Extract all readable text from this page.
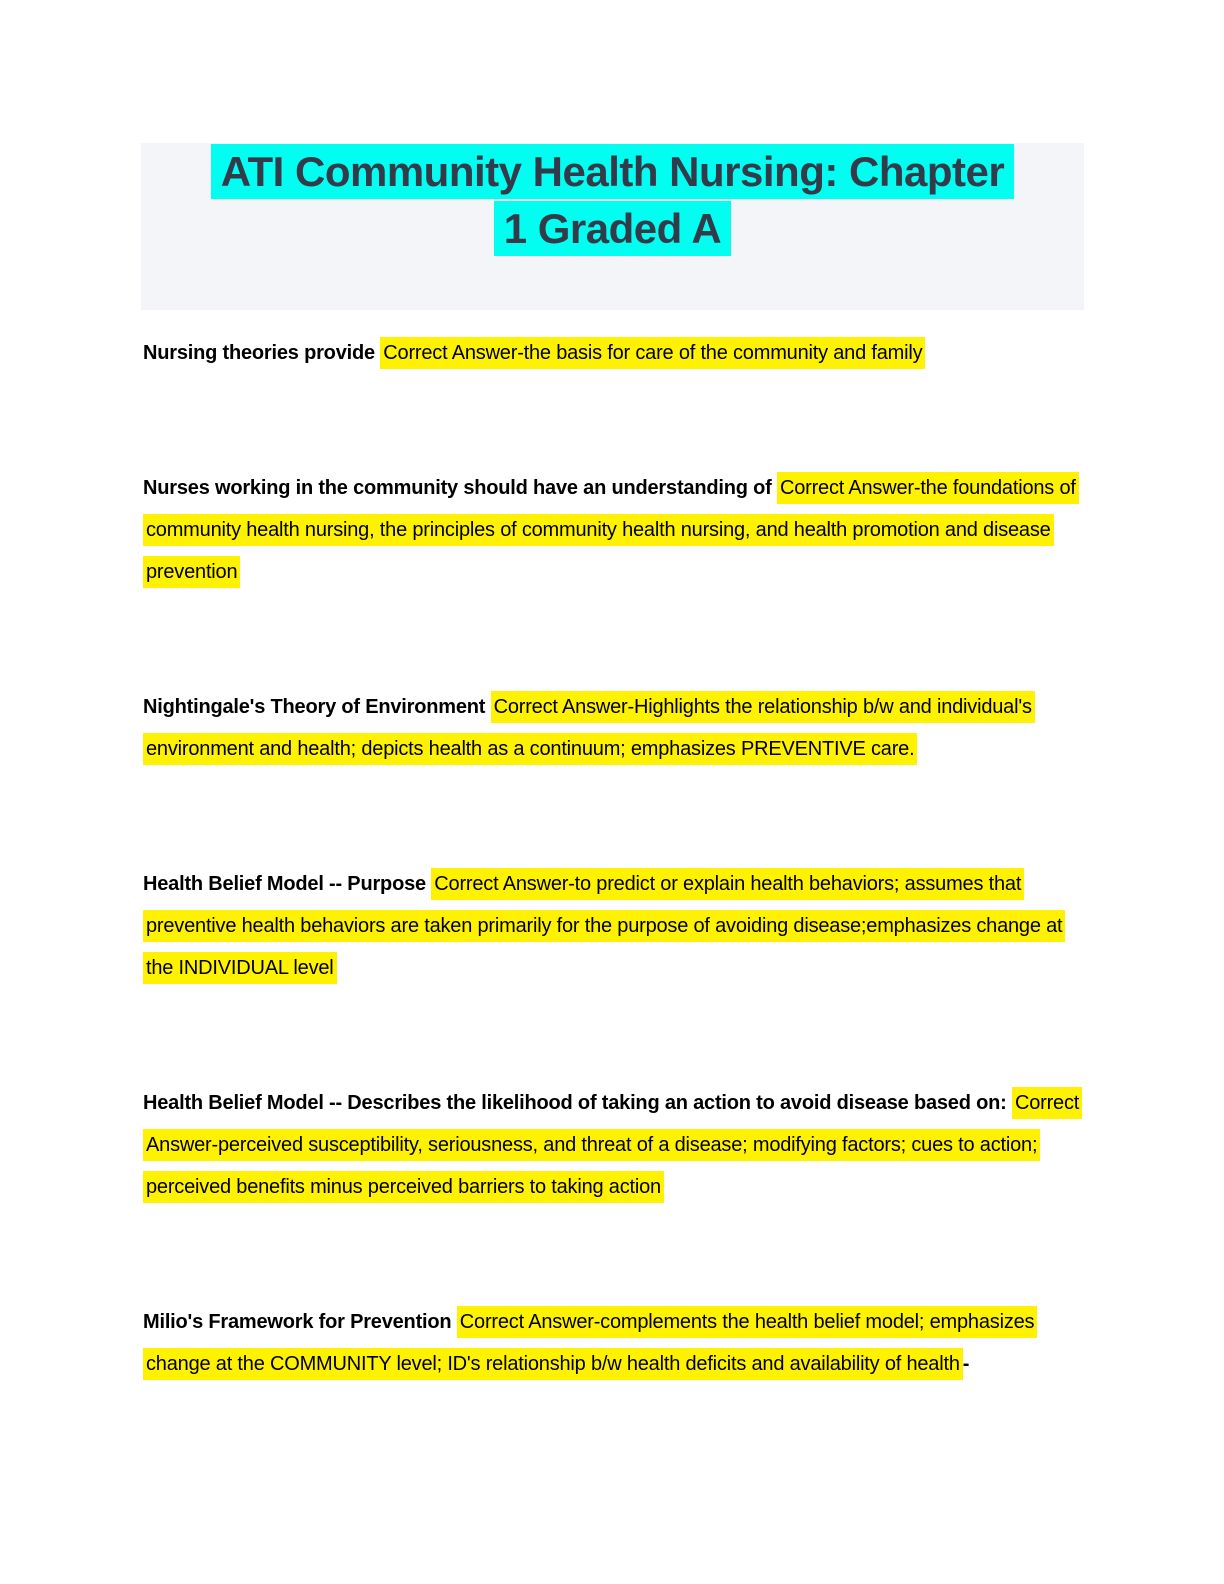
ATI Community Health Nursing: Chapter
1 Graded A

Nursing theories provide Correct Answer-the basis for care of the community and family

Nurses working in the community should have an understanding of Correct Answer-the foundations of community health nursing, the principles of community health nursing, and health promotion and disease prevention

Nightingale's Theory of Environment Correct Answer-Highlights the relationship b/w and individual's environment and health; depicts health as a continuum; emphasizes PREVENTIVE care.

Health Belief Model -- Purpose Correct Answer-to predict or explain health behaviors; assumes that preventive health behaviors are taken primarily for the purpose of avoiding disease;emphasizes change at the INDIVIDUAL level

Health Belief Model -- Describes the likelihood of taking an action to avoid disease based on: Correct Answer-perceived susceptibility, seriousness, and threat of a disease; modifying factors; cues to action; perceived benefits minus perceived barriers to taking action

Milio's Framework for Prevention Correct Answer-complements the health belief model; emphasizes change at the COMMUNITY level; ID's relationship b/w health deficits and availability of health -
